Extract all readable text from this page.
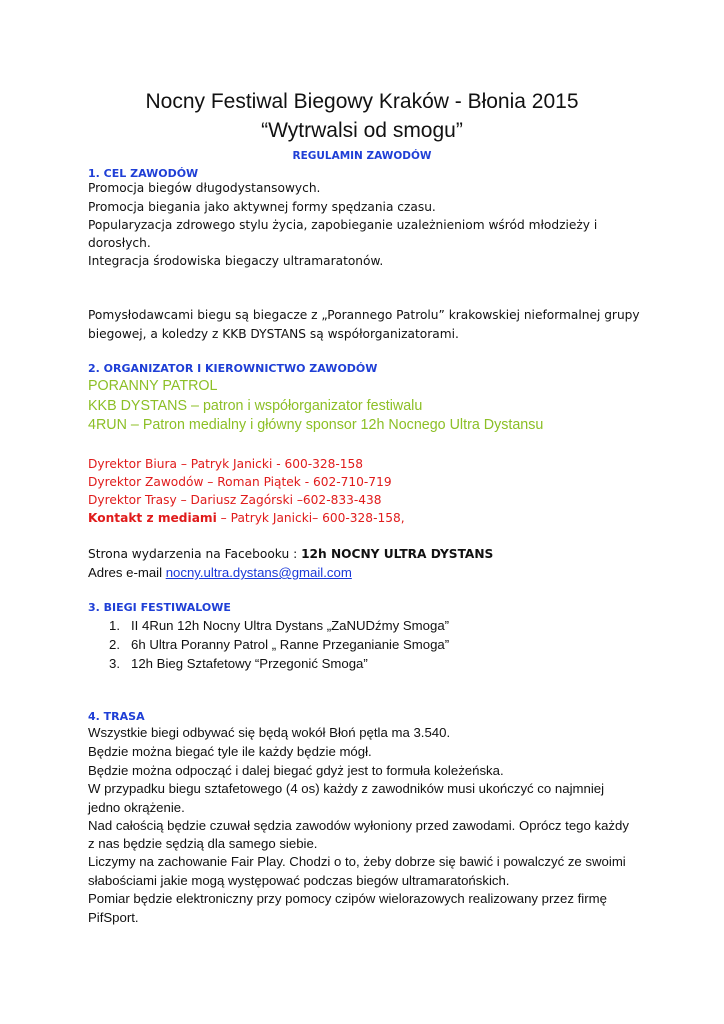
Nocny Festiwal Biegowy Kraków - Błonia 2015
“Wytrwalsi od smogu”
REGULAMIN ZAWODÓW
1. CEL ZAWODÓW
Promocja biegów długodystansowych.
Promocja biegania jako aktywnej formy spędzania czasu.
Popularyzacja zdrowego stylu życia, zapobieganie uzależnieniom wśród młodzieży i
dorosłych.
Integracja środowiska biegaczy ultramaratonów.
Pomysłodawcami biegu są biegacze z „Porannego Patrolu” krakowskiej nieformalnej grupy
biegowej, a koledzy z KKB DYSTANS są współorganizatorami.
2. ORGANIZATOR I KIEROWNICTWO ZAWODÓW
PORANNY PATROL
KKB DYSTANS – patron i współorganizator festiwalu
4RUN – Patron medialny i główny sponsor 12h Nocnego Ultra Dystansu
Dyrektor Biura – Patryk Janicki - 600-328-158
Dyrektor Zawodów – Roman Piątek - 602-710-719
Dyrektor Trasy – Dariusz Zagórski –602-833-438
Kontakt z mediami – Patryk Janicki– 600-328-158,
Strona wydarzenia na Facebooku : 12h NOCNY ULTRA DYSTANS
Adres e-mail nocny.ultra.dystans@gmail.com
3. BIEGI FESTIWALOWE
1. II 4Run 12h Nocny Ultra Dystans „ZaNUDźmy Smoga”
2. 6h Ultra Poranny Patrol „ Ranne Przeganianie Smoga”
3. 12h Bieg Sztafetowy “Przegonić Smoga”
4. TRASA
Wszystkie biegi odbywać się będą wokół Błoń pętla ma 3.540.
Będzie można biegać tyle ile każdy będzie mógł.
Będzie można odpocząć i dalej biegać gdyż jest to formuła koleżeńska.
W przypadku biegu sztafetowego (4 os) każdy z zawodników musi ukończyć co najmniej
jedno okrążenie.
Nad całością będzie czuwał sędzia zawodów wyłoniony przed zawodami. Oprócz tego każdy
z nas będzie sędzią dla samego siebie.
Liczymy na zachowanie Fair Play. Chodzi o to, żeby dobrze się bawić i powalczyć ze swoimi
słabościami jakie mogą występować podczas biegów ultramaratońskich.
Pomiar będzie elektroniczny przy pomocy czipów wielorazowych realizowany przez firmę
PifSport.
